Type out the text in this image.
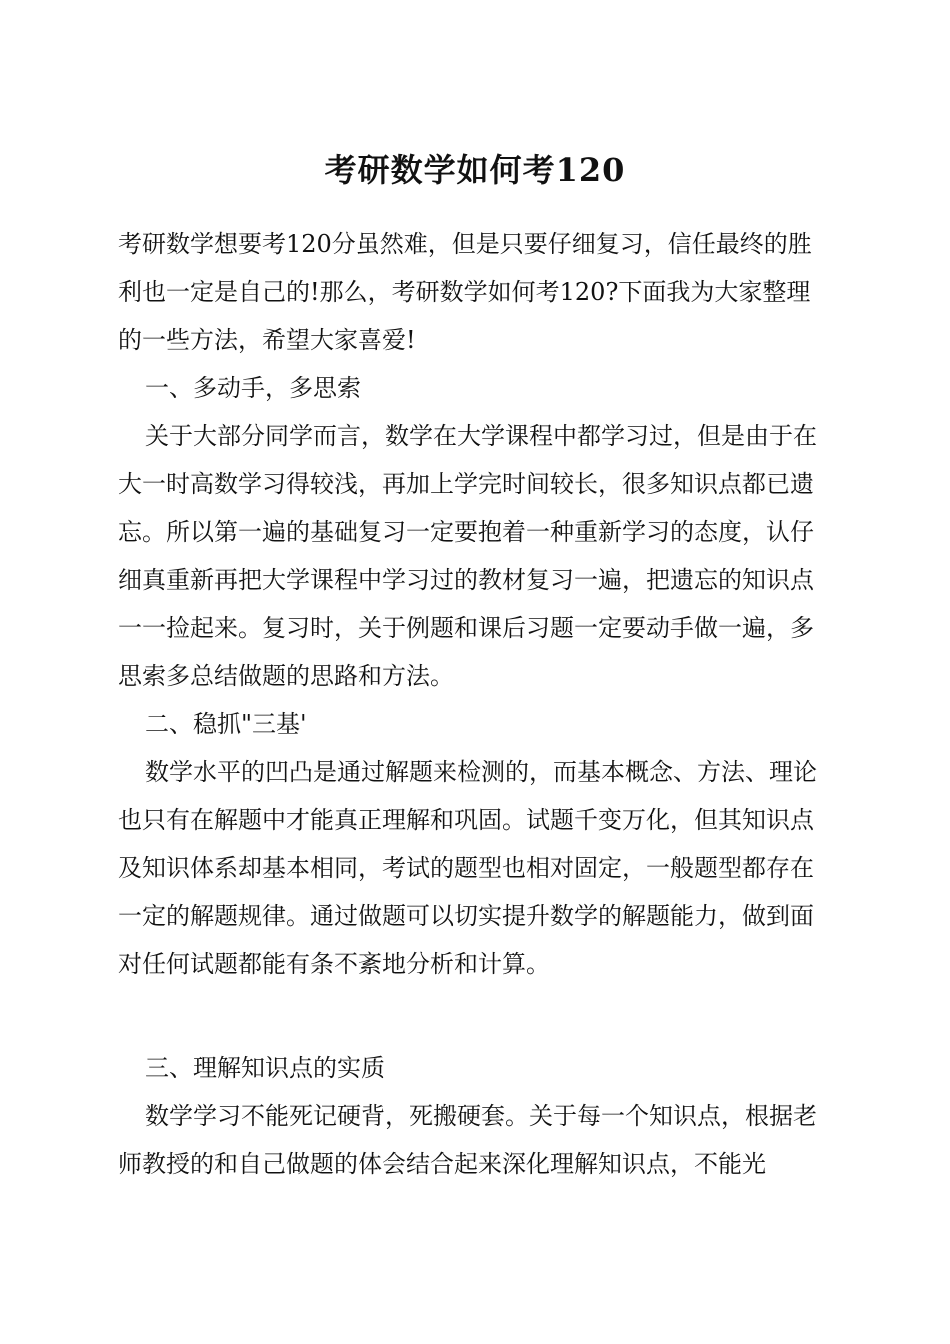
考研数学如何考120

考研数学想要考120分虽然难，但是只要仔细复习，信任最终的胜利也一定是自己的!那么，考研数学如何考120?下面我为大家整理的一些方法，希望大家喜爱!

一、多动手，多思索

关于大部分同学而言，数学在大学课程中都学习过，但是由于在大一时高数学习得较浅，再加上学完时间较长，很多知识点都已遗忘。所以第一遍的基础复习一定要抱着一种重新学习的态度，认仔细真重新再把大学课程中学习过的教材复习一遍，把遗忘的知识点一一捡起来。复习时，关于例题和课后习题一定要动手做一遍，多思索多总结做题的思路和方法。

二、稳抓"三基'

数学水平的凹凸是通过解题来检测的，而基本概念、方法、理论也只有在解题中才能真正理解和巩固。试题千变万化，但其知识点及知识体系却基本相同，考试的题型也相对固定，一般题型都存在一定的解题规律。通过做题可以切实提升数学的解题能力，做到面对任何试题都能有条不紊地分析和计算。

三、理解知识点的实质

数学学习不能死记硬背，死搬硬套。关于每一个知识点，根据老师教授的和自己做题的体会结合起来深化理解知识点，不能光
